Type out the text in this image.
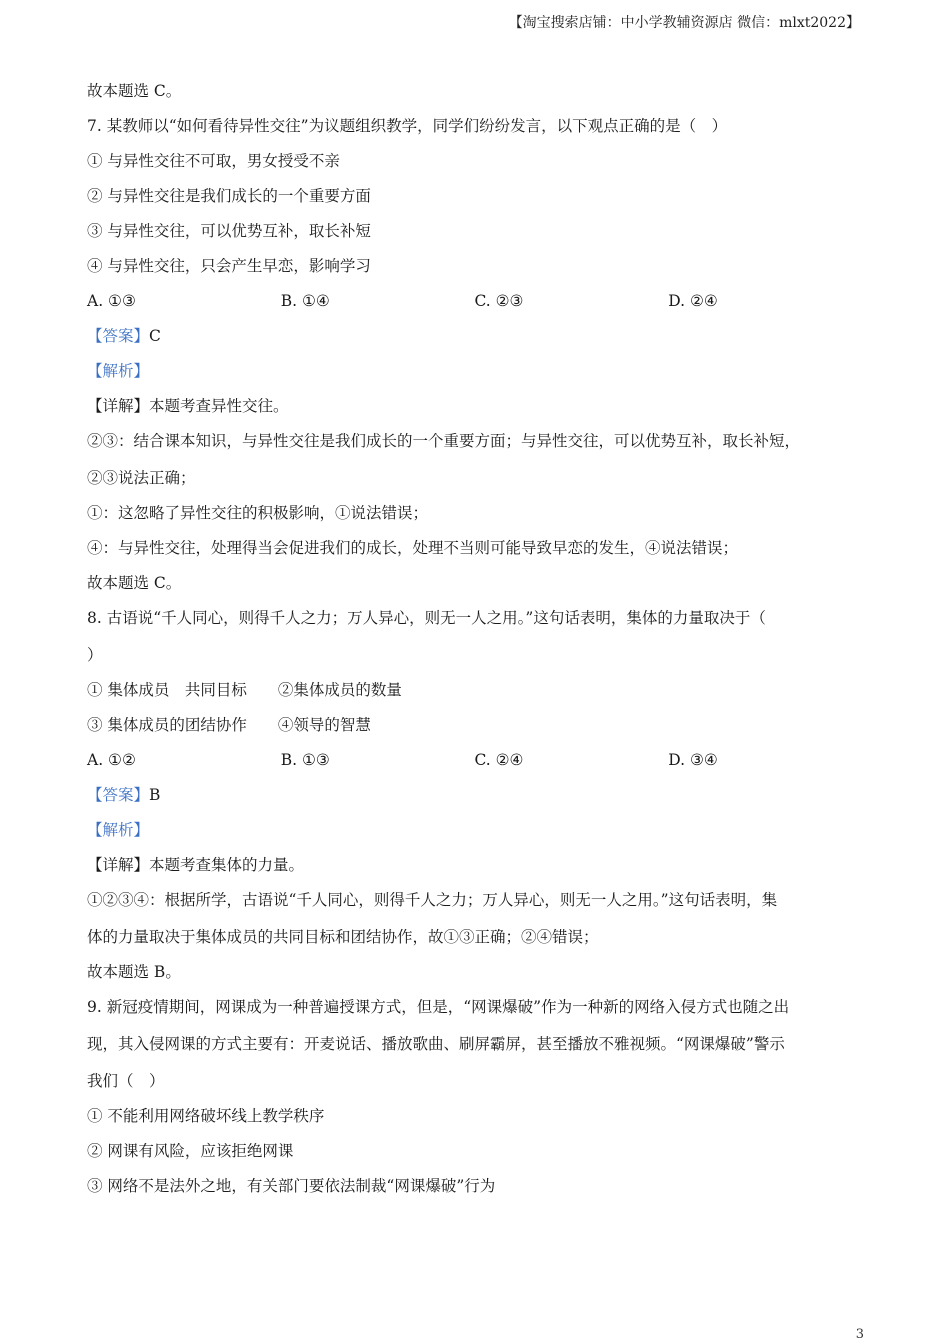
【淘宝搜索店铺：中小学教辅资源店 微信：mlxt2022】
故本题选 C。
7. 某教师以“如何看待异性交往”为议题组织教学，同学们纷纷发言，以下观点正确的是（　）
① 与异性交往不可取，男女授受不亲
② 与异性交往是我们成长的一个重要方面
③ 与异性交往，可以优势互补，取长补短
④ 与异性交往，只会产生早恋，影响学习
A. ①③	B. ①④	C. ②③	D. ②④
【答案】C
【解析】
【详解】本题考查异性交往。
②③：结合课本知识，与异性交往是我们成长的一个重要方面；与异性交往，可以优势互补，取长补短，
②③说法正确；
①：这忽略了异性交往的积极影响，①说法错误；
④：与异性交往，处理得当会促进我们的成长，处理不当则可能导致早恋的发生，④说法错误；
故本题选 C。
8. 古语说“千人同心，则得千人之力；万人异心，则无一人之用。”这句话表明，集体的力量取决于（
）
① 集体成员　共同目标　　②集体成员的数量
③ 集体成员的团结协作　　④领导的智慧
A. ①②	B. ①③	C. ②④	D. ③④
【答案】B
【解析】
【详解】本题考查集体的力量。
①②③④：根据所学，古语说“千人同心，则得千人之力；万人异心，则无一人之用。”这句话表明，集
体的力量取决于集体成员的共同目标和团结协作，故①③正确；②④错误；
故本题选 B。
9. 新冠疫情期间，网课成为一种普遍授课方式，但是，“网课爆破”作为一种新的网络入侵方式也随之出
现，其入侵网课的方式主要有：开麦说话、播放歌曲、刷屏霸屏，甚至播放不雅视频。“网课爆破”警示
我们（　）
① 不能利用网络破坏线上教学秩序
② 网课有风险，应该拒绝网课
③ 网络不是法外之地，有关部门要依法制裁“网课爆破”行为
3
